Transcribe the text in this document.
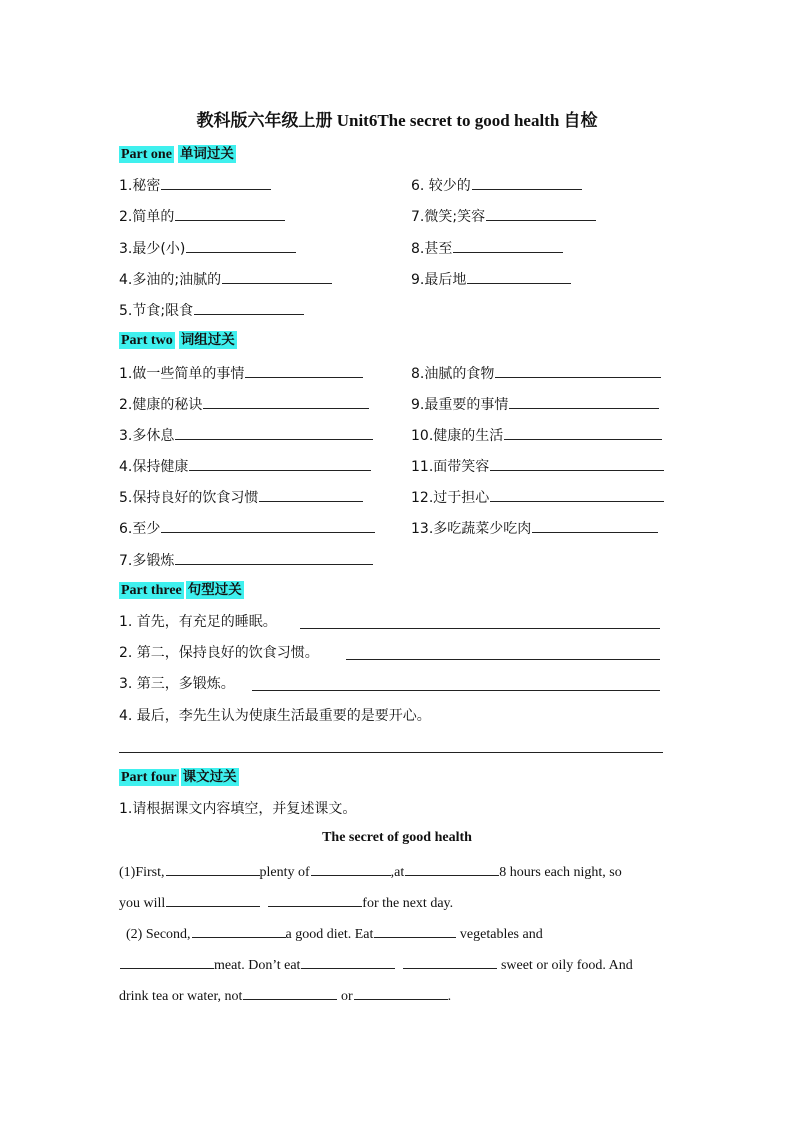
教科版六年级上册 Unit6The secret to good health 自检
Part one 单词过关
1.秘密
2.简单的
3.最少(小)
4.多油的;油腻的
5.节食;限食
6. 较少的
7.微笑;笑容
8.甚至
9.最后地
Part two 词组过关
1.做一些简单的事情
2.健康的秘诀
3.多休息
4.保持健康
5.保持良好的饮食习惯
6.至少
7.多锻炼
8.油腻的食物
9.最重要的事情
10.健康的生活
11.面带笑容
12.过于担心
13.多吃蔬菜少吃肉
Part three 句型过关
1. 首先，有充足的睡眠。
2. 第二，保持良好的饮食习惯。
3. 第三，多锻炼。
4. 最后，李先生认为使康生活最重要的是要开心。
Part four 课文过关
1.请根据课文内容填空，并复述课文。
The secret of good health
(1)First,	plenty of	,at	8 hours each night, so
you will	for the next day.
(2) Second,	a good diet. Eat	vegetables and
meat. Don’t eat	sweet or oily food. And
drink tea or water, not	or	.
